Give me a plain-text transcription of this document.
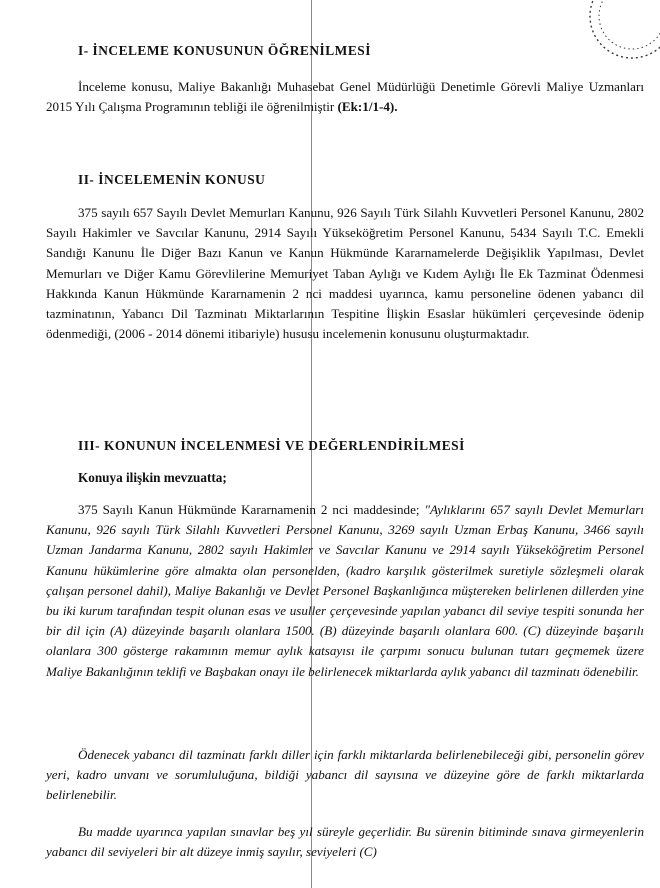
I- İNCELEME KONUSUNUN ÖĞRENİLMESİ

İnceleme konusu, Maliye Bakanlığı Muhasebat Genel Müdürlüğü Denetimle Görevli Maliye Uzmanları 2015 Yılı Çalışma Programının tebliği ile öğrenilmiştir (Ek:1/1-4).

II- İNCELEMENİN KONUSU

375 sayılı 657 Sayılı Devlet Memurları Kanunu, 926 Sayılı Türk Silahlı Kuvvetleri Personel Kanunu, 2802 Sayılı Hakimler ve Savcılar Kanunu, 2914 Sayılı Yükseköğretim Personel Kanunu, 5434 Sayılı T.C. Emekli Sandığı Kanunu İle Diğer Bazı Kanun ve Kanun Hükmünde Kararnamelerde Değişiklik Yapılması, Devlet Memurları ve Diğer Kamu Görevlilerine Memuriyet Taban Aylığı ve Kıdem Aylığı İle Ek Tazminat Ödenmesi Hakkında Kanun Hükmünde Kararnamenin 2 nci maddesi uyarınca, kamu personeline ödenen yabancı dil tazminatının, Yabancı Dil Tazminatı Miktarlarının Tespitine İlişkin Esaslar hükümleri çerçevesinde ödenip ödenmediği, (2006 - 2014 dönemi itibariyle) hususu incelemenin konusunu oluşturmaktadır.

III- KONUNUN İNCELENMESİ VE DEĞERLENDİRİLMESİ

Konuya ilişkin mevzuatta;

375 Sayılı Kanun Hükmünde Kararnamenin 2 nci maddesinde; "Aylıklarını 657 sayılı Devlet Memurları Kanunu, 926 sayılı Türk Silahlı Kuvvetleri Personel Kanunu, 3269 sayılı Uzman Erbaş Kanunu, 3466 sayılı Uzman Jandarma Kanunu, 2802 sayılı Hakimler ve Savcılar Kanunu ve 2914 sayılı Yükseköğretim Personel Kanunu hükümlerine göre almakta olan personelden, (kadro karşılık gösterilmek suretiyle sözleşmeli olarak çalışan personel dahil), Maliye Bakanlığı ve Devlet Personel Başkanlığınca müştereken belirlenen dillerden yine bu iki kurum tarafından tespit olunan esas ve usuller çerçevesinde yapılan yabancı dil seviye tespiti sonunda her bir dil için (A) düzeyinde başarılı olanlara 1500. (B) düzeyinde başarılı olanlara 600. (C) düzeyinde başarılı olanlara 300 gösterge rakamının memur aylık katsayısı ile çarpımı sonucu bulunan tutarı geçmemek üzere Maliye Bakanlığının teklifi ve Başbakan onayı ile belirlenecek miktarlarda aylık yabancı dil tazminatı ödenebilir.

Ödenecek yabancı dil tazminatı farklı diller için farklı miktarlarda belirlenebileceği gibi, personelin görev yeri, kadro unvanı ve sorumluluğuna, bildiği yabancı dil sayısına ve düzeyine göre de farklı miktarlarda belirlenebilir.

Bu madde uyarınca yapılan sınavlar beş yıl süreyle geçerlidir. Bu sürenin bitiminde sınava girmeyenlerin yabancı dil seviyeleri bir alt düzeye inmiş sayılır, seviyeleri (C)
